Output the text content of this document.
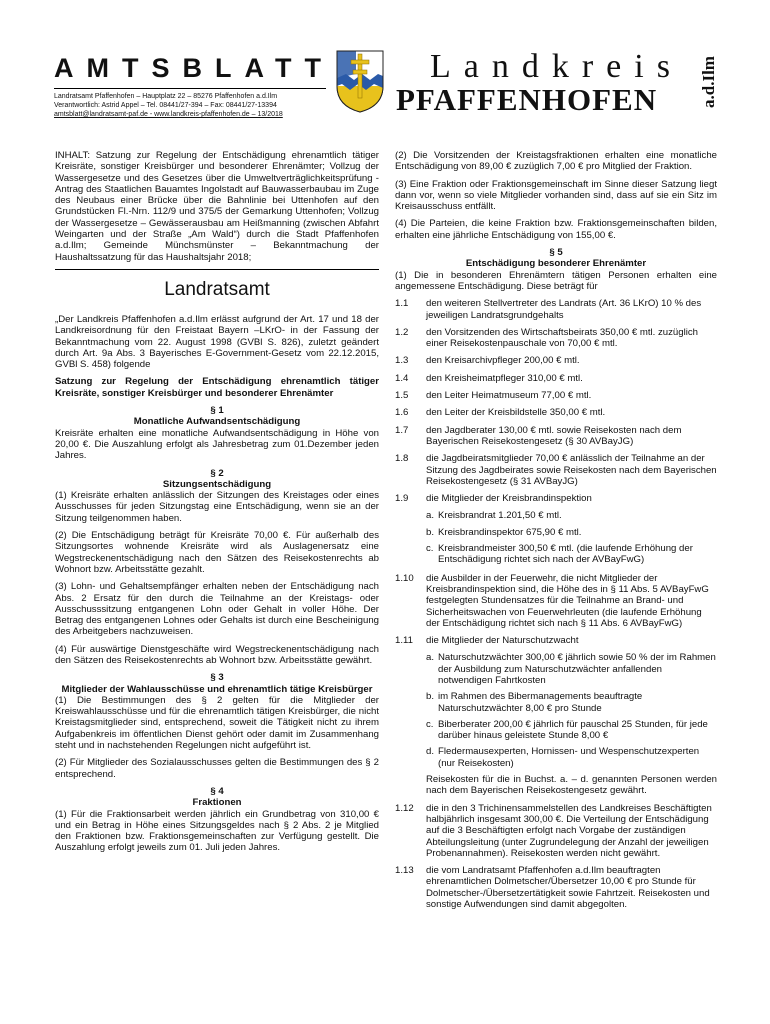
AMTSBLATT
Landratsamt Pfaffenhofen – Hauptplatz 22 – 85276 Pfaffenhofen a.d.Ilm
Verantwortlich: Astrid Appel – Tel. 08441/27-394 – Fax: 08441/27-13394
amtsblatt@landratsamt-paf.de - www.landkreis-pfaffenhofen.de – 13/2018
Landkreis
PFAFFENHOFEN a.d.Ilm

INHALT: Satzung zur Regelung der Entschädigung ehrenamtlich tätiger Kreisräte, sonstiger Kreisbürger und besonderer Ehrenämter; Vollzug der Wassergesetze und des Gesetzes über die Umweltverträglichkeitsprüfung - Antrag des Staatlichen Bauamtes Ingolstadt auf Bauwasserbaubau im Zuge des Neubaus einer Brücke über die Bahnlinie bei Uttenhofen auf den Grundstücken Fl.-Nrn. 112/9 und 375/5 der Gemarkung Uttenhofen; Vollzug der Wassergesetze – Gewässerausbau am Heißmanning (zwischen Abfahrt Weingarten und der Straße „Am Wald“) durch die Stadt Pfaffenhofen a.d.Ilm; Gemeinde Münchsmünster – Bekanntmachung der Haushaltssatzung für das Haushaltsjahr 2018;

Landratsamt

„Der Landkreis Pfaffenhofen a.d.Ilm erlässt aufgrund der Art. 17 und 18 der Landkreisordnung für den Freistaat Bayern –LKrO- in der Fassung der Bekanntmachung vom 22. August 1998 (GVBl S. 826), zuletzt geändert durch Art. 9a Abs. 3 Bayerisches E-Government-Gesetz vom 22.12.2015, GVBl S. 458) folgende

Satzung zur Regelung der Entschädigung ehrenamtlich tätiger Kreisräte, sonstiger Kreisbürger und besonderer Ehrenämter

§ 1
Monatliche Aufwandsentschädigung

Kreisräte erhalten eine monatliche Aufwandsentschädigung in Höhe von 20,00 €. Die Auszahlung erfolgt als Jahresbetrag zum 01.Dezember jeden Jahres.

§ 2
Sitzungsentschädigung

(1) Kreisräte erhalten anlässlich der Sitzungen des Kreistages oder eines Ausschusses für jeden Sitzungstag eine Entschädigung, wenn sie an der Sitzung teilgenommen haben.

(2) Die Entschädigung beträgt für Kreisräte 70,00 €. Für außerhalb des Sitzungsortes wohnende Kreisräte wird als Auslagenersatz eine Wegstreckenentschädigung nach den Sätzen des Reisekostenrechts ab Wohnort bzw. Arbeitsstätte gezahlt.

(3) Lohn- und Gehaltsempfänger erhalten neben der Entschädigung nach Abs. 2 Ersatz für den durch die Teilnahme an der Kreistags- oder Ausschusssitzung entgangenen Lohn oder Gehalt in voller Höhe. Der Betrag des entgangenen Lohnes oder Gehalts ist durch eine Bescheinigung des Arbeitgebers nachzuweisen.

(4) Für auswärtige Dienstgeschäfte wird Wegstreckenentschädigung nach den Sätzen des Reisekostenrechts ab Wohnort bzw. Arbeitsstätte gewährt.

§ 3
Mitglieder der Wahlausschüsse und ehrenamtlich tätige Kreisbürger

(1) Die Bestimmungen des § 2 gelten für die Mitglieder der Kreiswahlausschüsse und für die ehrenamtlich tätigen Kreisbürger, die nicht Kreistagsmitglieder sind, entsprechend, soweit die Tätigkeit nicht zu ihrem Aufgabenkreis im öffentlichen Dienst gehört oder damit im Zusammenhang steht und in nachstehenden Regelungen nicht aufgeführt ist.

(2) Für Mitglieder des Sozialausschusses gelten die Bestimmungen des § 2 entsprechend.

§ 4
Fraktionen

(1) Für die Fraktionsarbeit werden jährlich ein Grundbetrag von 310,00 € und ein Betrag in Höhe eines Sitzungsgeldes nach § 2 Abs. 2 je Mitglied den Fraktionen bzw. Fraktionsgemeinschaften zur Verfügung gestellt. Die Auszahlung erfolgt jeweils zum 01. Juli jeden Jahres.

(2) Die Vorsitzenden der Kreistagsfraktionen erhalten eine monatliche Entschädigung von 89,00 € zuzüglich 7,00 € pro Mitglied der Fraktion.

(3) Eine Fraktion oder Fraktionsgemeinschaft im Sinne dieser Satzung liegt dann vor, wenn so viele Mitglieder vorhanden sind, dass auf sie ein Sitz im Kreisausschuss entfällt.

(4) Die Parteien, die keine Fraktion bzw. Fraktionsgemeinschaften bilden, erhalten eine jährliche Entschädigung von 155,00 €.

§ 5
Entschädigung besonderer Ehrenämter

(1) Die in besonderen Ehrenämtern tätigen Personen erhalten eine angemessene Entschädigung. Diese beträgt für

1.1	den weiteren Stellvertreter des Landrats (Art. 36 LKrO) 10 % des jeweiligen Landratsgrundgehalts
1.2	den Vorsitzenden des Wirtschaftsbeirats 350,00 € mtl. zuzüglich einer Reisekostenpauschale von 70,00 € mtl.
1.3	den Kreisarchivpfleger 200,00 € mtl.
1.4	den Kreisheimatpfleger 310,00 € mtl.
1.5	den Leiter Heimatmuseum 77,00 € mtl.
1.6	den Leiter der Kreisbildstelle 350,00 € mtl.
1.7	den Jagdberater 130,00 € mtl. sowie Reisekosten nach dem Bayerischen Reisekostengesetz (§ 30 AVBayJG)
1.8	die Jagdbeiratsmitglieder 70,00 € anlässlich der Teilnahme an der Sitzung des Jagdbeirates sowie Reisekosten nach dem Bayerischen Reisekostengesetz (§ 31 AVBayJG)
1.9	die Mitglieder der Kreisbrandinspektion
a. Kreisbrandrat 1.201,50 € mtl.
b. Kreisbrandinspektor 675,90 € mtl.
c. Kreisbrandmeister 300,50 € mtl. (die laufende Erhöhung der Entschädigung richtet sich nach der AVBayFwG)
1.10	die Ausbilder in der Feuerwehr, die nicht Mitglieder der Kreisbrandinspektion sind, die Höhe des in § 11 Abs. 5 AVBayFwG festgelegten Stundensatzes für die Teilnahme an Brand- und Sicherheitswachen von Feuerwehrleuten (die laufende Erhöhung der Entschädigung richtet sich nach § 11 Abs. 6 AVBayFwG)
1.11	die Mitglieder der Naturschutzwacht
a. Naturschutzwächter 300,00 € jährlich sowie 50 % der im Rahmen der Ausbildung zum Naturschutzwächter anfallenden notwendigen Fahrtkosten
b. im Rahmen des Bibermanagements beauftragte Naturschutzwächter 8,00 € pro Stunde
c. Biberberater 200,00 € jährlich für pauschal 25 Stunden, für jede darüber hinaus geleistete Stunde 8,00 €
d. Fledermausexperten, Hornissen- und Wespenschutzexperten (nur Reisekosten)

Reisekosten für die in Buchst. a. – d. genannten Personen werden nach dem Bayerischen Reisekostengesetz gewährt.

1.12	die in den 3 Trichinensammelstellen des Landkreises Beschäftigten halbjährlich insgesamt 300,00 €. Die Verteilung der Entschädigung auf die 3 Beschäftigten erfolgt nach Vorgabe der zuständigen Abteilungsleitung (unter Zugrundelegung der Anzahl der jeweiligen Probenannahmen). Reisekosten werden nicht gewährt.
1.13	die vom Landratsamt Pfaffenhofen a.d.Ilm beauftragten ehrenamtlichen Dolmetscher/Übersetzer 10,00 € pro Stunde für Dolmetscher-/Übersetzertätigkeit sowie Fahrtzeit. Reisekosten und sonstige Aufwendungen sind damit abgegolten.
